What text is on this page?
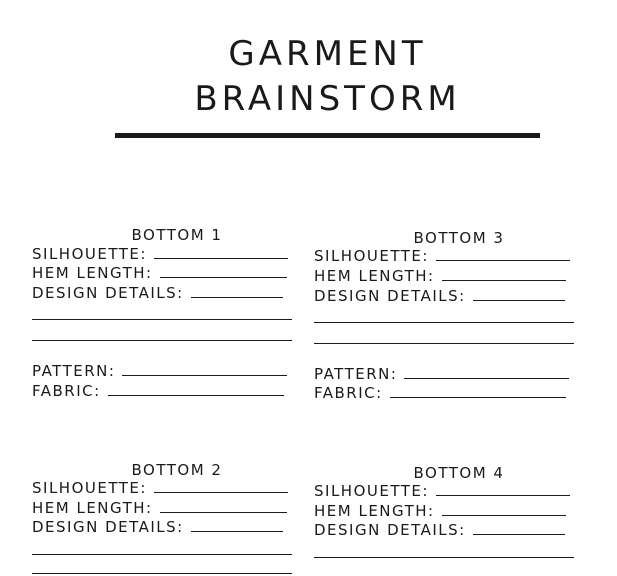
GARMENT
BRAINSTORM
BOTTOM 1
SILHOUETTE:
HEM LENGTH:
DESIGN DETAILS:
PATTERN:
FABRIC:
BOTTOM 3
SILHOUETTE:
HEM LENGTH:
DESIGN DETAILS:
PATTERN:
FABRIC:
BOTTOM 2
SILHOUETTE:
HEM LENGTH:
DESIGN DETAILS:
BOTTOM 4
SILHOUETTE:
HEM LENGTH:
DESIGN DETAILS:
